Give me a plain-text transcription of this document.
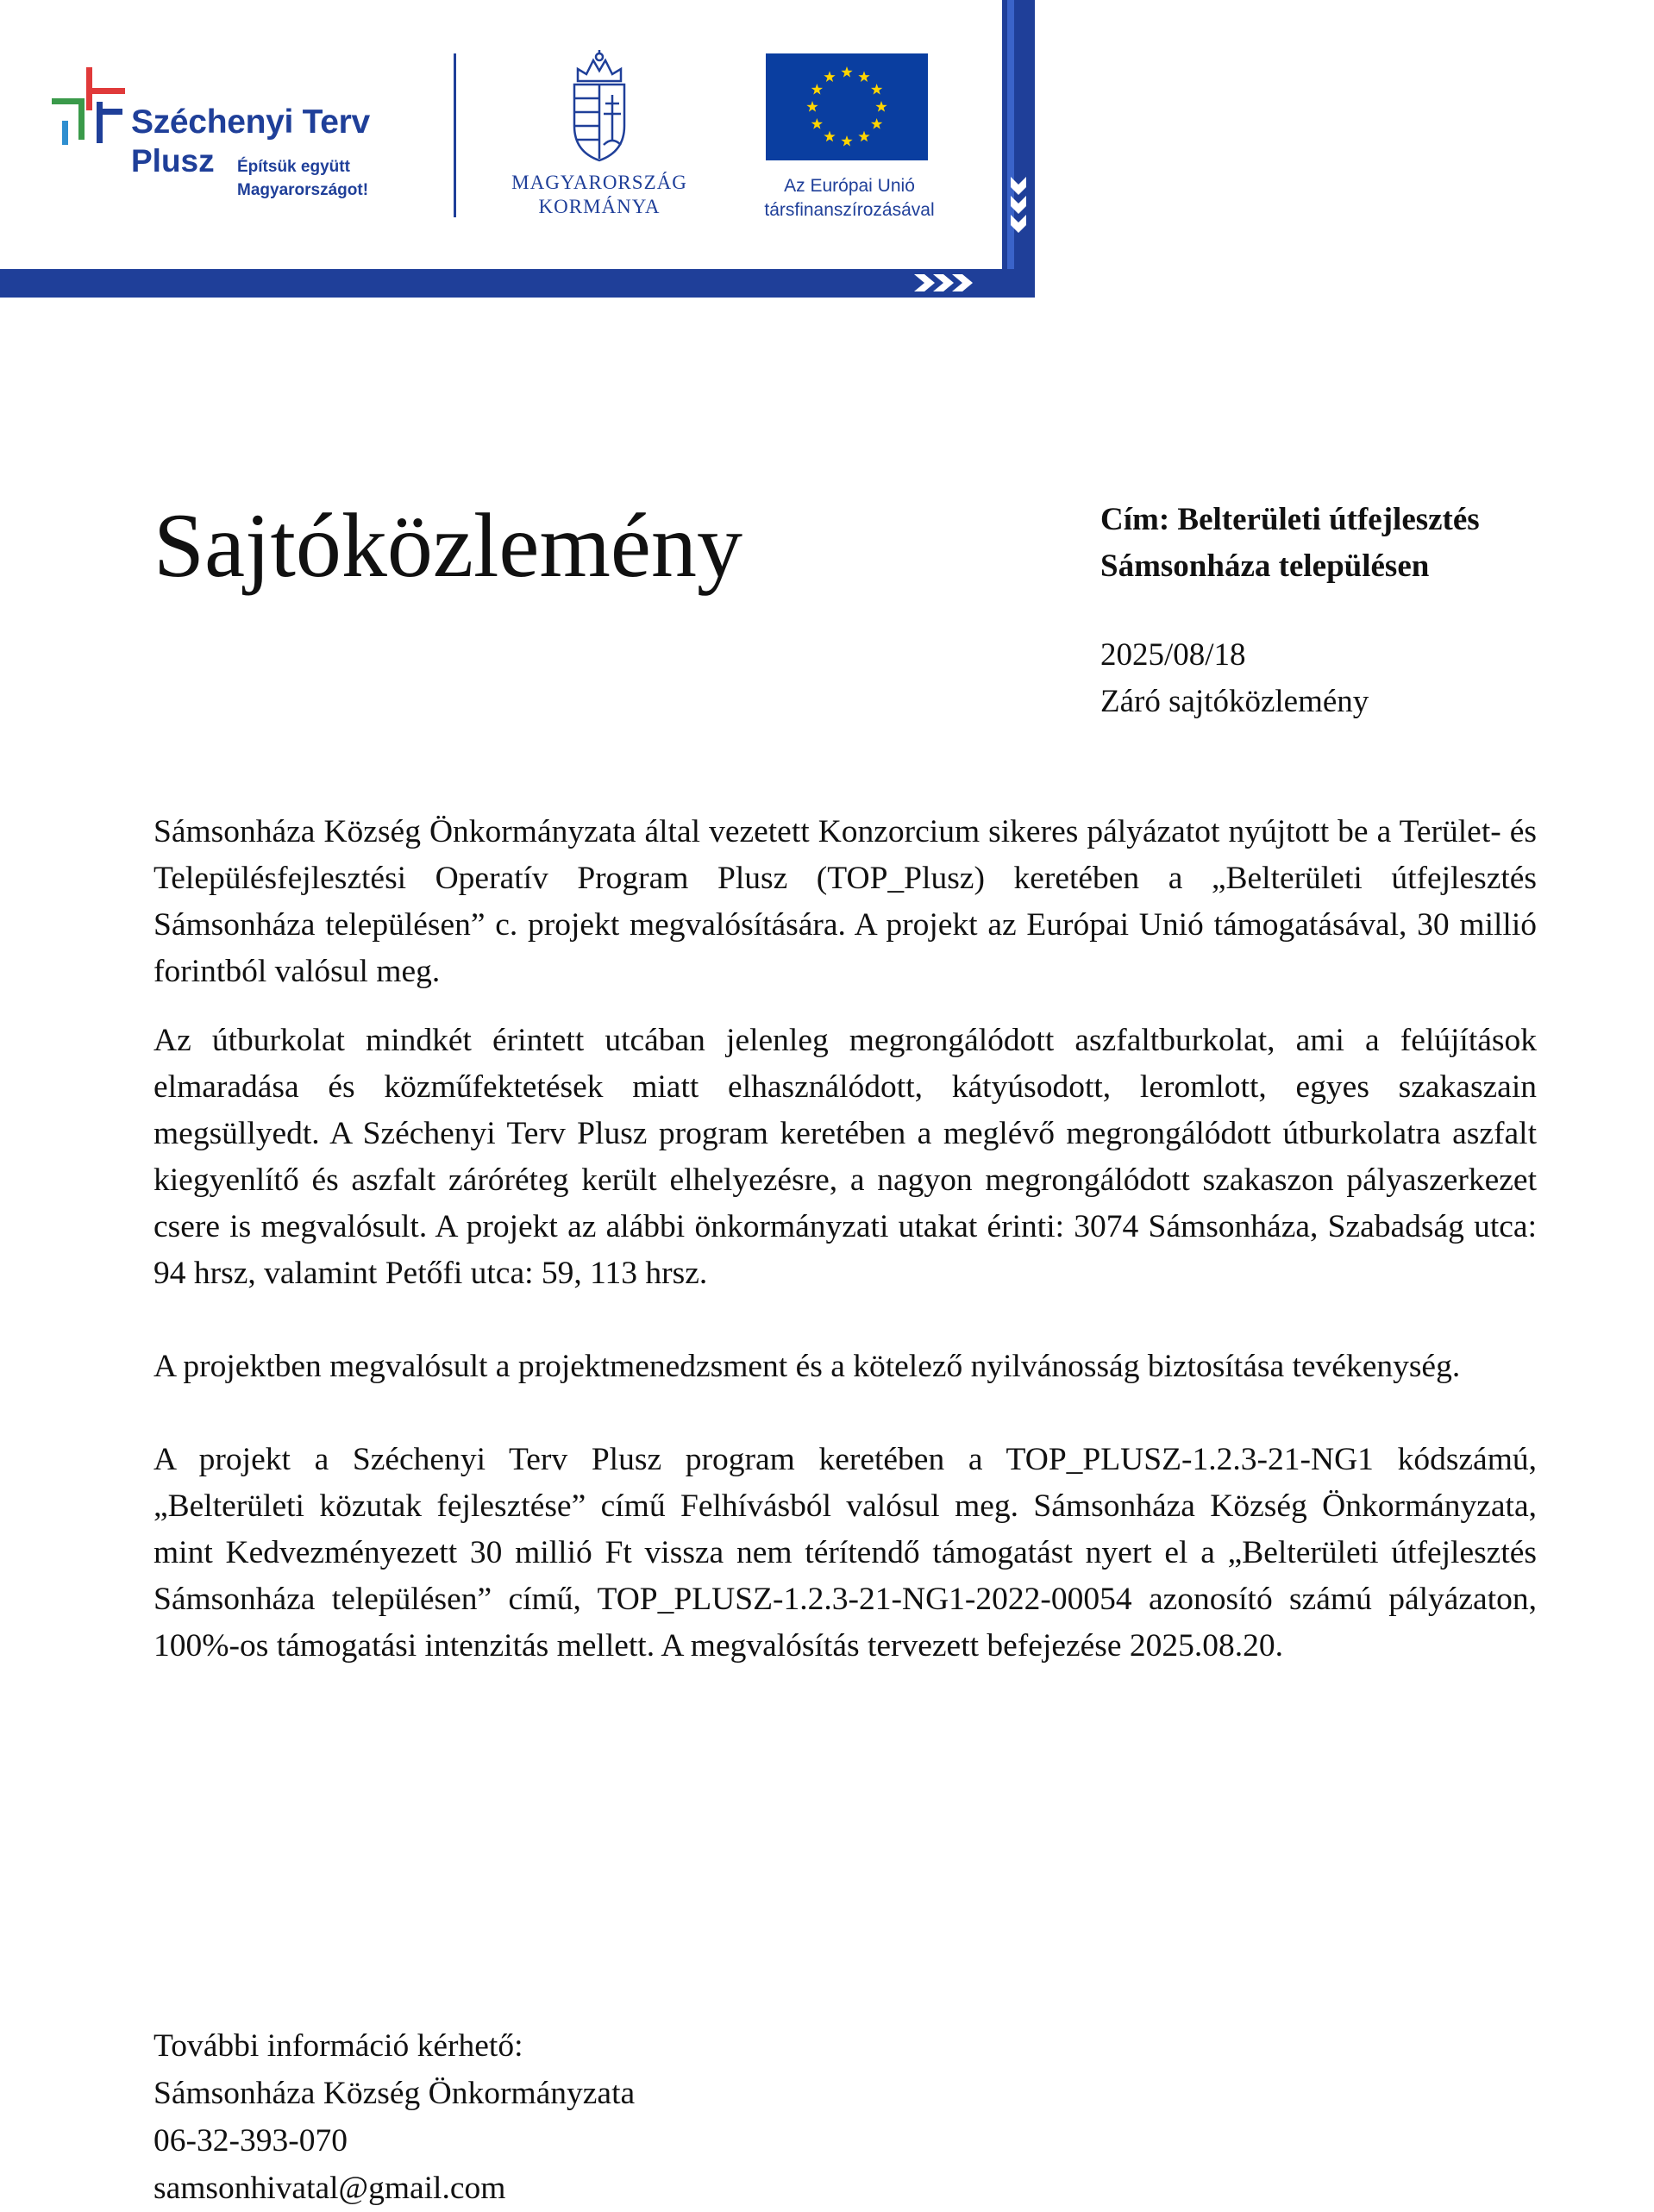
Széchenyi Terv
Plusz Építsük együtt
Magyarországot!	MAGYARORSZÁG
KORMÁNYA
Az Európai Unió
társfinanszírozásával
Sajtóközlemény	Cím: Belterületi útfejlesztés
Sámsonháza településen
2025/08/18
Záró sajtóközlemény

Sámsonháza Község Önkormányzata által vezetett Konzorcium sikeres pályázatot nyújtott be a Terület- és Településfejlesztési Operatív Program Plusz (TOP_Plusz) keretében a „Belterületi útfejlesztés Sámsonháza településen” c. projekt megvalósítására. A projekt az Európai Unió támogatásával, 30 millió forintból valósul meg.

Az útburkolat mindkét érintett utcában jelenleg megrongálódott aszfaltburkolat, ami a felújítások elmaradása és közműfektetések miatt elhasználódott, kátyúsodott, leromlott, egyes szakaszain megsüllyedt. A Széchenyi Terv Plusz program keretében a meglévő megrongálódott útburkolatra aszfalt kiegyenlítő és aszfalt záróréteg került elhelyezésre, a nagyon megrongálódott szakaszon pályaszerkezet csere is megvalósult. A projekt az alábbi önkormányzati utakat érinti: 3074 Sámsonháza, Szabadság utca: 94 hrsz, valamint Petőfi utca: 59, 113 hrsz.

A projektben megvalósult a projektmenedzsment és a kötelező nyilvánosság biztosítása tevékenység.

A projekt a Széchenyi Terv Plusz program keretében a TOP_PLUSZ-1.2.3-21-NG1 kódszámú, „Belterületi közutak fejlesztése” című Felhívásból valósul meg. Sámsonháza Község Önkormányzata, mint Kedvezményezett 30 millió Ft vissza nem térítendő támogatást nyert el a „Belterületi útfejlesztés Sámsonháza településen” című, TOP_PLUSZ-1.2.3-21-NG1-2022-00054 azonosító számú pályázaton, 100%-os támogatási intenzitás mellett. A megvalósítás tervezett befejezése 2025.08.20.

További információ kérhető:
Sámsonháza Község Önkormányzata
06-32-393-070
samsonhivatal@gmail.com
